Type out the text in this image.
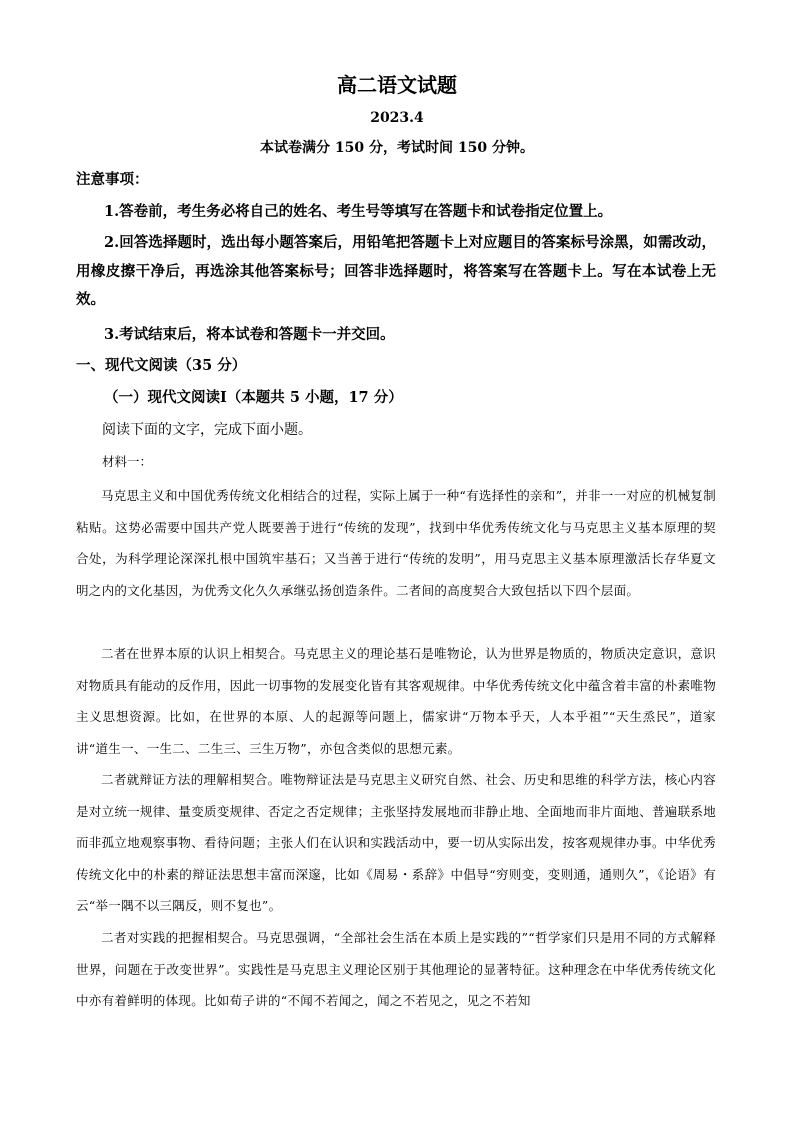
高二语文试题
2023.4
本试卷满分 150 分，考试时间 150 分钟。
注意事项：
1.答卷前，考生务必将自己的姓名、考生号等填写在答题卡和试卷指定位置上。
2.回答选择题时，选出每小题答案后，用铅笔把答题卡上对应题目的答案标号涂黑，如需改动，用橡皮擦干净后，再选涂其他答案标号；回答非选择题时，将答案写在答题卡上。写在本试卷上无效。
3.考试结束后，将本试卷和答题卡一并交回。
一、现代文阅读（35 分）
（一）现代文阅读Ⅰ（本题共 5 小题，17 分）
阅读下面的文字，完成下面小题。
材料一：
马克思主义和中国优秀传统文化相结合的过程，实际上属于一种“有选择性的亲和”，并非一一对应的机械复制粘贴。这势必需要中国共产党人既要善于进行“传统的发现”，找到中华优秀传统文化与马克思主义基本原理的契合处，为科学理论深深扎根中国筑牢基石；又当善于进行“传统的发明”，用马克思主义基本原理激活长存华夏文明之内的文化基因，为优秀文化久久承继弘扬创造条件。二者间的高度契合大致包括以下四个层面。
二者在世界本原的认识上相契合。马克思主义的理论基石是唯物论，认为世界是物质的，物质决定意识，意识对物质具有能动的反作用，因此一切事物的发展变化皆有其客观规律。中华优秀传统文化中蕴含着丰富的朴素唯物主义思想资源。比如，在世界的本原、人的起源等问题上，儒家讲“万物本乎天，人本乎祖”“天生烝民”，道家讲“道生一、一生二、二生三、三生万物”，亦包含类似的思想元素。
二者就辩证方法的理解相契合。唯物辩证法是马克思主义研究自然、社会、历史和思维的科学方法，核心内容是对立统一规律、量变质变规律、否定之否定规律；主张坚持发展地而非静止地、全面地而非片面地、普遍联系地而非孤立地观察事物、看待问题；主张人们在认识和实践活动中，要一切从实际出发，按客观规律办事。中华优秀传统文化中的朴素的辩证法思想丰富而深邃，比如《周易・系辞》中倡导“穷则变，变则通，通则久”，《论语》有云“举一隅不以三隅反，则不复也”。
二者对实践的把握相契合。马克思强调，“全部社会生活在本质上是实践的”“哲学家们只是用不同的方式解释世界，问题在于改变世界”。实践性是马克思主义理论区别于其他理论的显著特征。这种理念在中华优秀传统文化中亦有着鲜明的体现。比如荀子讲的“不闻不若闻之，闻之不若见之，见之不若知
